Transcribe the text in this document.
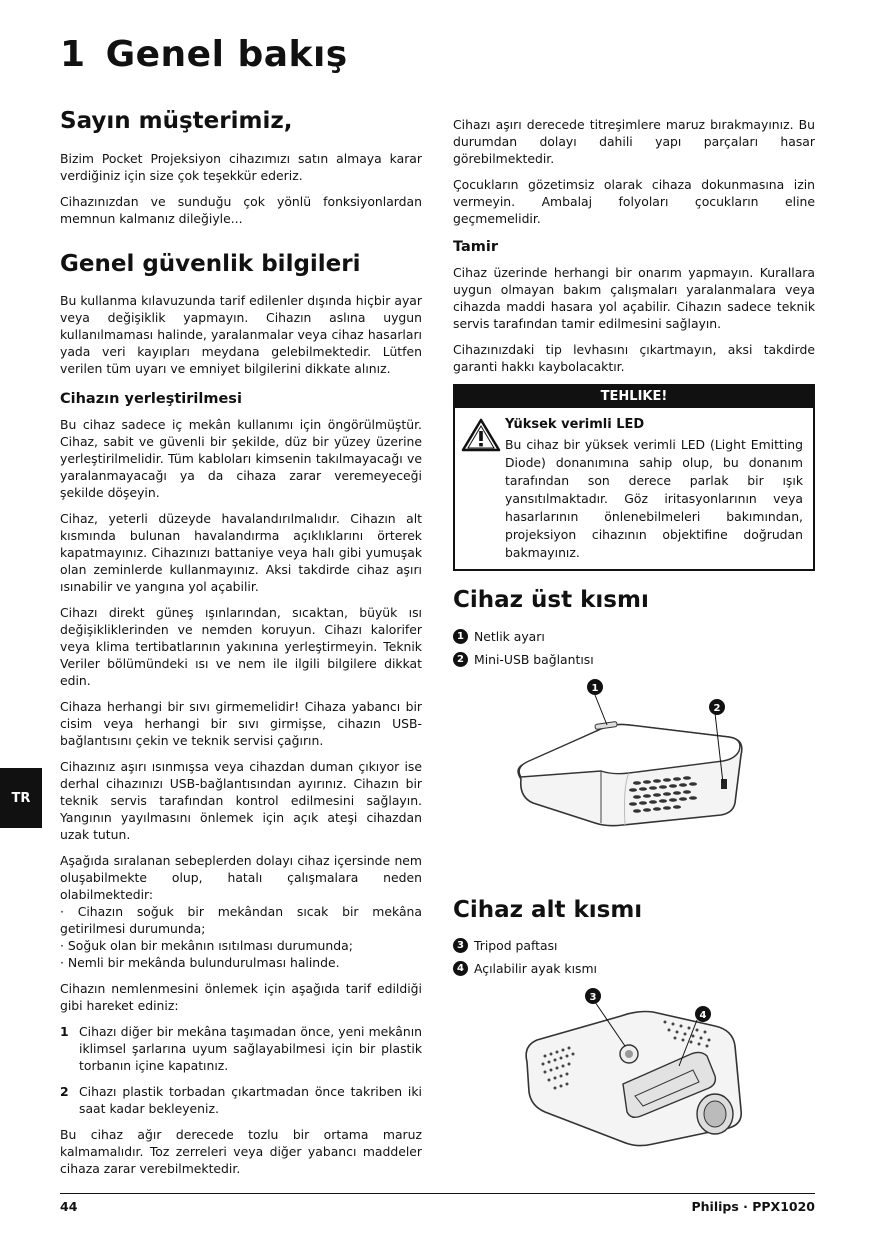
1 Genel bakış
Sayın müşterimiz,

Bizim Pocket Projeksiyon cihazımızı satın almaya karar verdiğiniz için size çok teşekkür ederiz.

Cihazınızdan ve sunduğu çok yönlü fonksiyonlardan memnun kalmanız dileğiyle...

Genel güvenlik bilgileri

Bu kullanma kılavuzunda tarif edilenler dışında hiçbir ayar veya değişiklik yapmayın. Cihazın aslına uygun kullanılmaması halinde, yaralanmalar veya cihaz hasarları yada veri kayıpları meydana gelebilmektedir. Lütfen verilen tüm uyarı ve emniyet bilgilerini dikkate alınız.

Cihazın yerleştirilmesi

Bu cihaz sadece iç mekân kullanımı için öngörülmüştür. Cihaz, sabit ve güvenli bir şekilde, düz bir yüzey üzerine yerleştirilmelidir. Tüm kabloları kimsenin takılmayacağı ve yaralanmayacağı ya da cihaza zarar veremeyeceği şekilde döşeyin.

Cihaz, yeterli düzeyde havalandırılmalıdır. Cihazın alt kısmında bulunan havalandırma açıklıklarını örterek kapatmayınız. Cihazınızı battaniye veya halı gibi yumuşak olan zeminlerde kullanmayınız. Aksi takdirde cihaz aşırı ısınabilir ve yangına yol açabilir.

Cihazı direkt güneş ışınlarından, sıcaktan, büyük ısı değişikliklerinden ve nemden koruyun. Cihazı kalorifer veya klima tertibatlarının yakınına yerleştirmeyin. Teknik Veriler bölümündeki ısı ve nem ile ilgili bilgilere dikkat edin.

Cihaza herhangi bir sıvı girmemelidir! Cihaza yabancı bir cisim veya herhangi bir sıvı girmişse, cihazın USB-bağlantısını çekin ve teknik servisi çağırın.

Cihazınız aşırı ısınmışsa veya cihazdan duman çıkıyor ise derhal cihazınızı USB-bağlantısından ayırınız. Cihazın bir teknik servis tarafından kontrol edilmesini sağlayın. Yangının yayılmasını önlemek için açık ateşi cihazdan uzak tutun.

Aşağıda sıralanan sebeplerden dolayı cihaz içersinde nem oluşabilmekte olup, hatalı çalışmalara neden olabilmektedir:
· Cihazın soğuk bir mekândan sıcak bir mekâna getirilmesi durumunda;
· Soğuk olan bir mekânın ısıtılması durumunda;
· Nemli bir mekânda bulundurulması halinde.

Cihazın nemlenmesini önlemek için aşağıda tarif edildiği gibi hareket ediniz:

1 Cihazı diğer bir mekâna taşımadan önce, yeni mekânın iklimsel şarlarına uyum sağlayabilmesi için bir plastik torbanın içine kapatınız.
2 Cihazı plastik torbadan çıkartmadan önce takriben iki saat kadar bekleyeniz.

Bu cihaz ağır derecede tozlu bir ortama maruz kalmamalıdır. Toz zerreleri veya diğer yabancı maddeler cihaza zarar verebilmektedir.

Cihazı aşırı derecede titreşimlere maruz bırakmayınız. Bu durumdan dolayı dahili yapı parçaları hasar görebilmektedir.

Çocukların gözetimsiz olarak cihaza dokunmasına izin vermeyin. Ambalaj folyoları çocukların eline geçmemelidir.

Tamir

Cihaz üzerinde herhangi bir onarım yapmayın. Kurallara uygun olmayan bakım çalışmaları yaralanmalara veya cihazda maddi hasara yol açabilir. Cihazın sadece teknik servis tarafından tamir edilmesini sağlayın.

Cihazınızdaki tip levhasını çıkartmayın, aksi takdirde garanti hakkı kaybolacaktır.

TEHLIKE!
Yüksek verimli LED

Bu cihaz bir yüksek verimli LED (Light Emitting Diode) donanımına sahip olup, bu donanım tarafından son derece parlak bir ışık yansıtılmaktadır. Göz iritasyonlarının veya hasarlarının önlenebilmeleri bakımından, projeksiyon cihazının objektifine doğrudan bakmayınız.

Cihaz üst kısmı
1 Netlik ayarı
2 Mini-USB bağlantısı
1
2
Cihaz alt kısmı
3 Tripod paftası
4 Açılabilir ayak kısmı
3
4
TR
44	Philips · PPX1020
